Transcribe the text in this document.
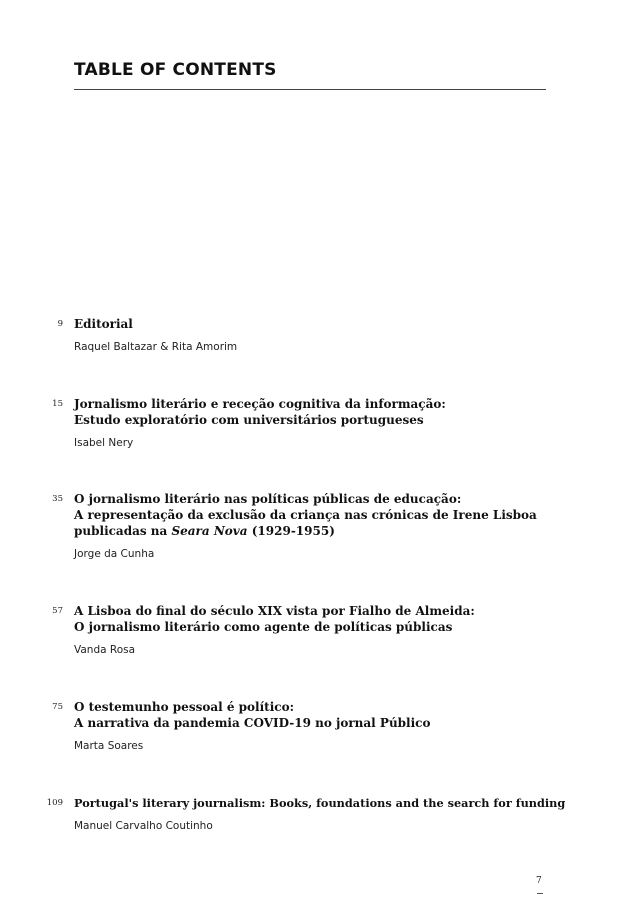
TABLE OF CONTENTS
9 Editorial
Raquel Baltazar & Rita Amorim
15 Jornalismo literário e receção cognitiva da informação:
Estudo exploratório com universitários portugueses
Isabel Nery
35 O jornalismo literário nas políticas públicas de educação:
A representação da exclusão da criança nas crónicas de Irene Lisboa
publicadas na Seara Nova (1929-1955)
Jorge da Cunha
57 A Lisboa do final do século XIX vista por Fialho de Almeida:
O jornalismo literário como agente de políticas públicas
Vanda Rosa
75 O testemunho pessoal é político:
A narrativa da pandemia COVID-19 no jornal Público
Marta Soares
109 Portugal's literary journalism: Books, foundations and the search for funding
Manuel Carvalho Coutinho
7
